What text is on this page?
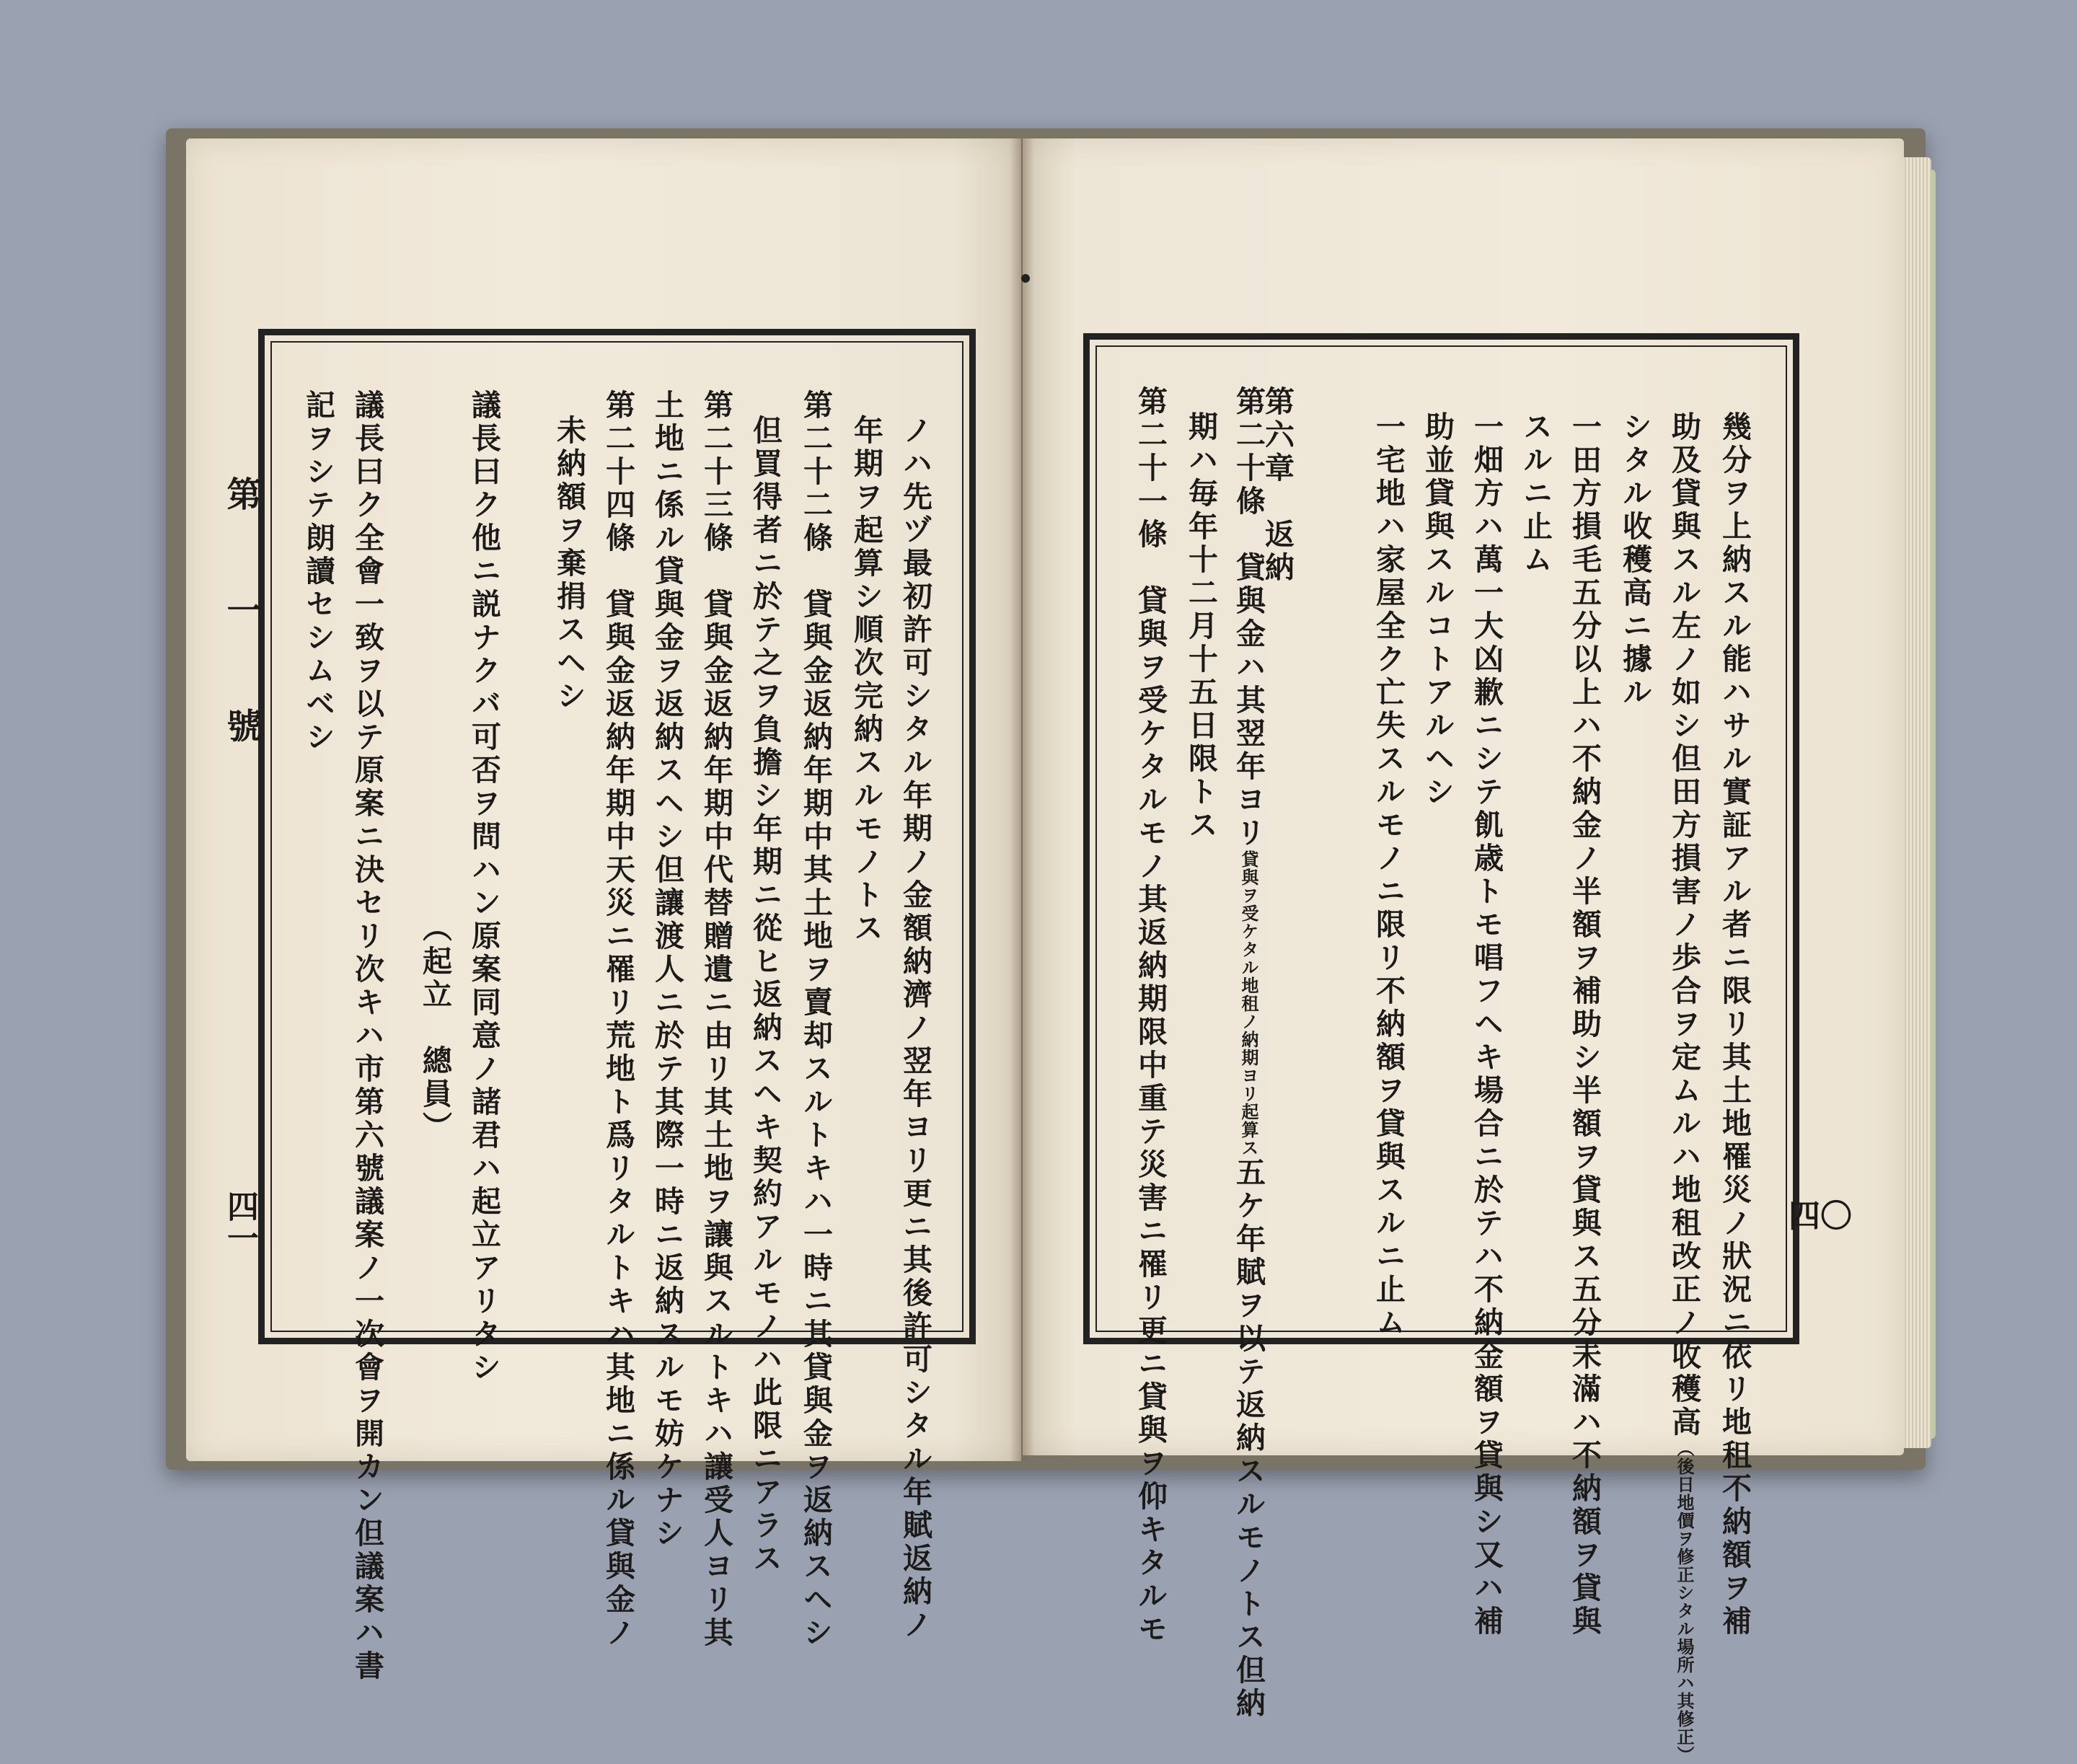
四〇
幾分ヲ上納スル能ハサル實証アル者ニ限リ其土地罹災ノ狀況ニ依リ地租不納額ヲ補
助及貸與スル左ノ如シ但田方損害ノ歩合ヲ定ムルハ地租改正ノ收穫高（後日地價ヲ修正シタル場所ハ其修正）
シタル收穫高ニ據ル
一田方損毛五分以上ハ不納金ノ半額ヲ補助シ半額ヲ貸與ス五分未滿ハ不納額ヲ貸與
スルニ止ム
一畑方ハ萬一大凶歉ニシテ飢歳トモ唱フヘキ場合ニ於テハ不納金額ヲ貸與シ又ハ補
助並貸與スルコトアルヘシ
一宅地ハ家屋全ク亡失スルモノニ限リ不納額ヲ貸與スルニ止ム
第六章　返納
第二十條　貸與金ハ其翌年ヨリ貸與ヲ受ケタル地租ノ納期ヨリ起算ス五ケ年賦ヲ以テ返納スルモノトス但納
期ハ毎年十二月十五日限トス
第二十一條　貸與ヲ受ケタルモノ其返納期限中重テ災害ニ罹リ更ニ貸與ヲ仰キタルモ
第 一 號
四一	ノハ先ヅ最初許可シタル年期ノ金額納濟ノ翌年ヨリ更ニ其後許可シタル年賦返納ノ
年期ヲ起算シ順次完納スルモノトス
第二十二條　貸與金返納年期中其土地ヲ賣却スルトキハ一時ニ其貸與金ヲ返納スヘシ
但買得者ニ於テ之ヲ負擔シ年期ニ從ヒ返納スヘキ契約アルモノハ此限ニアラス
第二十三條　貸與金返納年期中代替贈遺ニ由リ其土地ヲ讓與スルトキハ讓受人ヨリ其
土地ニ係ル貸與金ヲ返納スヘシ但讓渡人ニ於テ其際一時ニ返納スルモ妨ケナシ
第二十四條　貸與金返納年期中天災ニ罹リ荒地ト爲リタルトキハ其地ニ係ル貸與金ノ
未納額ヲ棄捐スヘシ
議長曰ク他ニ説ナクバ可否ヲ問ハン原案同意ノ諸君ハ起立アリタシ
（起立　總員）
議長曰ク全會一致ヲ以テ原案ニ決セリ次キハ市第六號議案ノ一次會ヲ開カン但議案ハ書
記ヲシテ朗讀セシムベシ
